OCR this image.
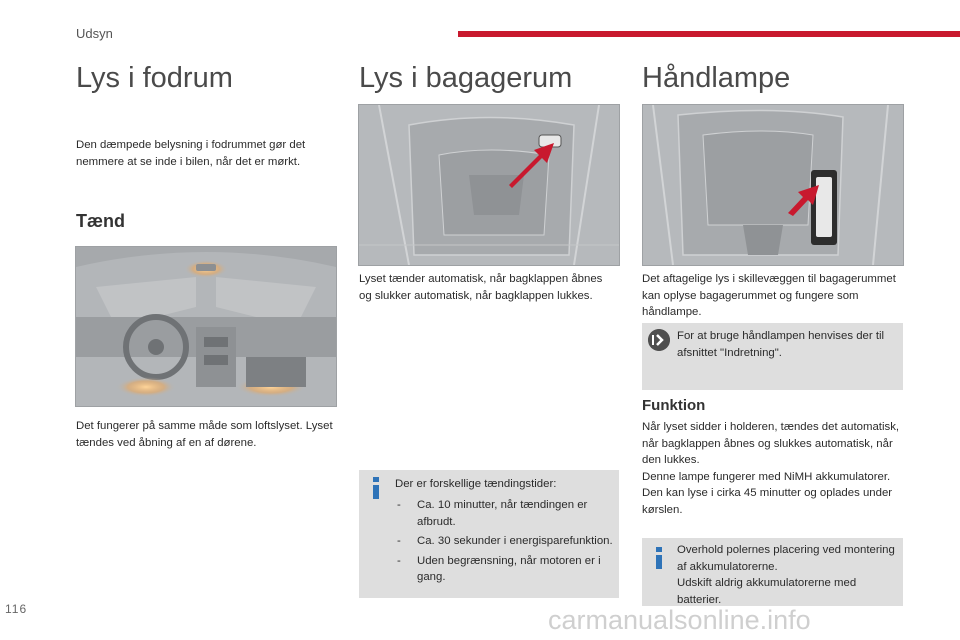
Udsyn
Lys i fodrum

Den dæmpede belysning i fodrummet gør det nemmere at se inde i bilen, når det er mørkt.

Tænd

Det fungerer på samme måde som loftslyset. Lyset tændes ved åbning af en af dørene.

Lys i bagagerum

Lyset tænder automatisk, når bagklappen åbnes og slukker automatisk, når bagklappen lukkes.

Der er forskellige tændingstider:
- Ca. 10 minutter, når tændingen er afbrudt.
- Ca. 30 sekunder i energisparefunktion.
- Uden begrænsning, når motoren er i gang.
Håndlampe

Det aftagelige lys i skillevæggen til bagagerummet kan oplyse bagagerummet og fungere som håndlampe.

For at bruge håndlampen henvises der til afsnittet "Indretning".
Funktion

Når lyset sidder i holderen, tændes det automatisk, når bagklappen åbnes og slukkes automatisk, når den lukkes.

Denne lampe fungerer med NiMH akkumulatorer.

Den kan lyse i cirka 45 minutter og oplades under kørslen.

Overhold polernes placering ved montering af akkumulatorerne.

Udskift aldrig akkumulatorerne med batterier.

116	carmanualsonline.info
